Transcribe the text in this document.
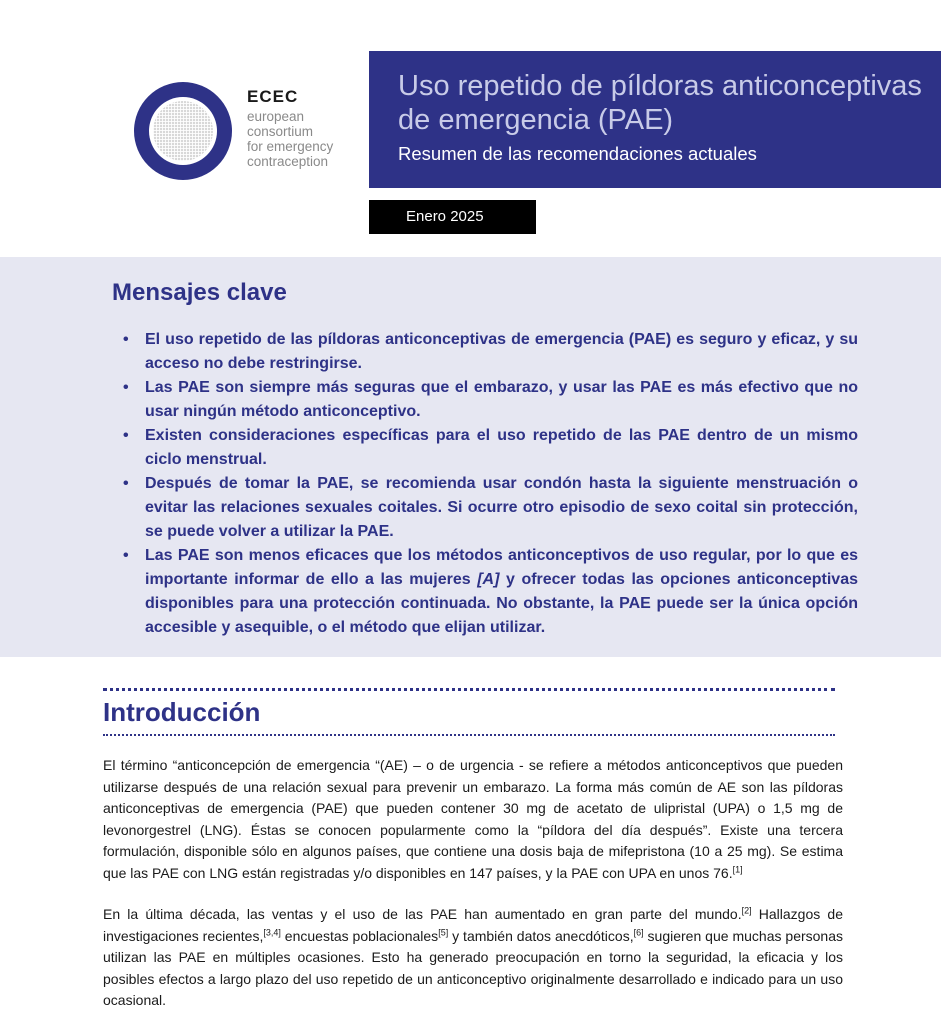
ECEC
european
consortium
for emergency
contraception
Uso repetido de píldoras anticonceptivas de emergencia (PAE)
Resumen de las recomendaciones actuales
Enero 2025
Mensajes clave
• El uso repetido de las píldoras anticonceptivas de emergencia (PAE) es seguro y eficaz, y su acceso no debe restringirse.
• Las PAE son siempre más seguras que el embarazo, y usar las PAE es más efectivo que no usar ningún método anticonceptivo.
• Existen consideraciones específicas para el uso repetido de las PAE dentro de un mismo ciclo menstrual.
• Después de tomar la PAE, se recomienda usar condón hasta la siguiente menstruación o evitar las relaciones sexuales coitales. Si ocurre otro episodio de sexo coital sin protección, se puede volver a utilizar la PAE.
• Las PAE son menos eficaces que los métodos anticonceptivos de uso regular, por lo que es importante informar de ello a las mujeres [A] y ofrecer todas las opciones anticonceptivas disponibles para una protección continuada. No obstante, la PAE puede ser la única opción accesible y asequible, o el método que elijan utilizar.
Introducción

El término “anticoncepción de emergencia “(AE) – o de urgencia - se refiere a métodos anticonceptivos que pueden utilizarse después de una relación sexual para prevenir un embarazo. La forma más común de AE son las píldoras anticonceptivas de emergencia (PAE) que pueden contener 30 mg de acetato de ulipristal (UPA) o 1,5 mg de levonorgestrel (LNG). Éstas se conocen popularmente como la “píldora del día después”. Existe una tercera formulación, disponible sólo en algunos países, que contiene una dosis baja de mifepristona (10 a 25 mg). Se estima que las PAE con LNG están registradas y/o disponibles en 147 países, y la PAE con UPA en unos 76.[1]

En la última década, las ventas y el uso de las PAE han aumentado en gran parte del mundo.[2] Hallazgos de investigaciones recientes,[3,4] encuestas poblacionales[5] y también datos anecdóticos,[6] sugieren que muchas personas utilizan las PAE en múltiples ocasiones. Esto ha generado preocupación en torno la seguridad, la eficacia y los posibles efectos a largo plazo del uso repetido de un anticonceptivo originalmente desarrollado e indicado para un uso ocasional.
